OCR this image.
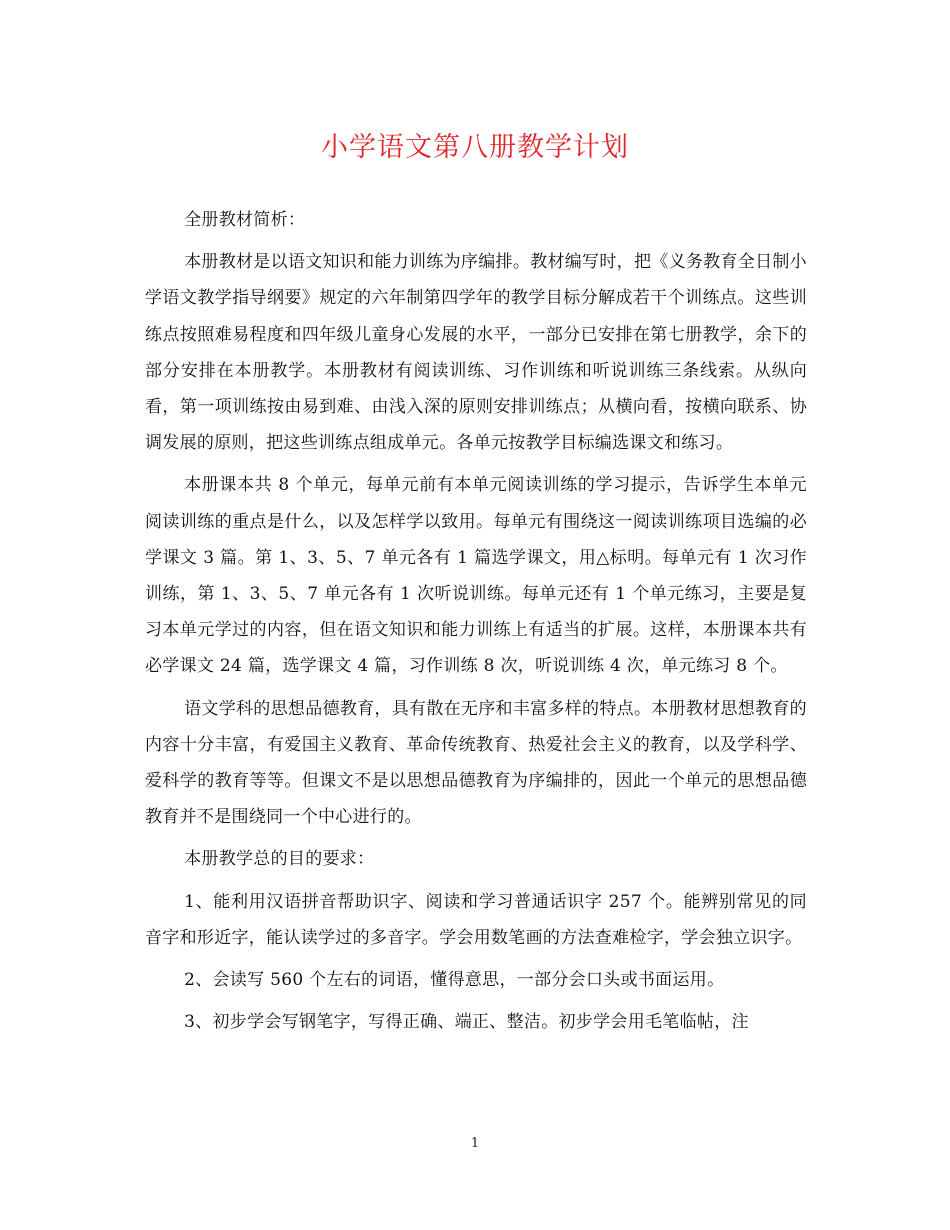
小学语文第八册教学计划

全册教材简析：

本册教材是以语文知识和能力训练为序编排。教材编写时，把《义务教育全日制小学语文教学指导纲要》规定的六年制第四学年的教学目标分解成若干个训练点。这些训练点按照难易程度和四年级儿童身心发展的水平，一部分已安排在第七册教学，余下的部分安排在本册教学。本册教材有阅读训练、习作训练和听说训练三条线索。从纵向看，第一项训练按由易到难、由浅入深的原则安排训练点；从横向看，按横向联系、协调发展的原则，把这些训练点组成单元。各单元按教学目标编选课文和练习。

本册课本共 8 个单元，每单元前有本单元阅读训练的学习提示，告诉学生本单元阅读训练的重点是什么，以及怎样学以致用。每单元有围绕这一阅读训练项目选编的必学课文 3 篇。第 1、3、5、7 单元各有 1 篇选学课文，用△标明。每单元有 1 次习作训练，第 1、3、5、7 单元各有 1 次听说训练。每单元还有 1 个单元练习，主要是复习本单元学过的内容，但在语文知识和能力训练上有适当的扩展。这样，本册课本共有必学课文 24 篇，选学课文 4 篇，习作训练 8 次，听说训练 4 次，单元练习 8 个。

语文学科的思想品德教育，具有散在无序和丰富多样的特点。本册教材思想教育的内容十分丰富，有爱国主义教育、革命传统教育、热爱社会主义的教育，以及学科学、爱科学的教育等等。但课文不是以思想品德教育为序编排的，因此一个单元的思想品德教育并不是围绕同一个中心进行的。

本册教学总的目的要求：

1、能利用汉语拼音帮助识字、阅读和学习普通话识字 257 个。能辨别常见的同音字和形近字，能认读学过的多音字。学会用数笔画的方法查难检字，学会独立识字。

2、会读写 560 个左右的词语，懂得意思，一部分会口头或书面运用。

3、初步学会写钢笔字，写得正确、端正、整洁。初步学会用毛笔临帖，注

1
